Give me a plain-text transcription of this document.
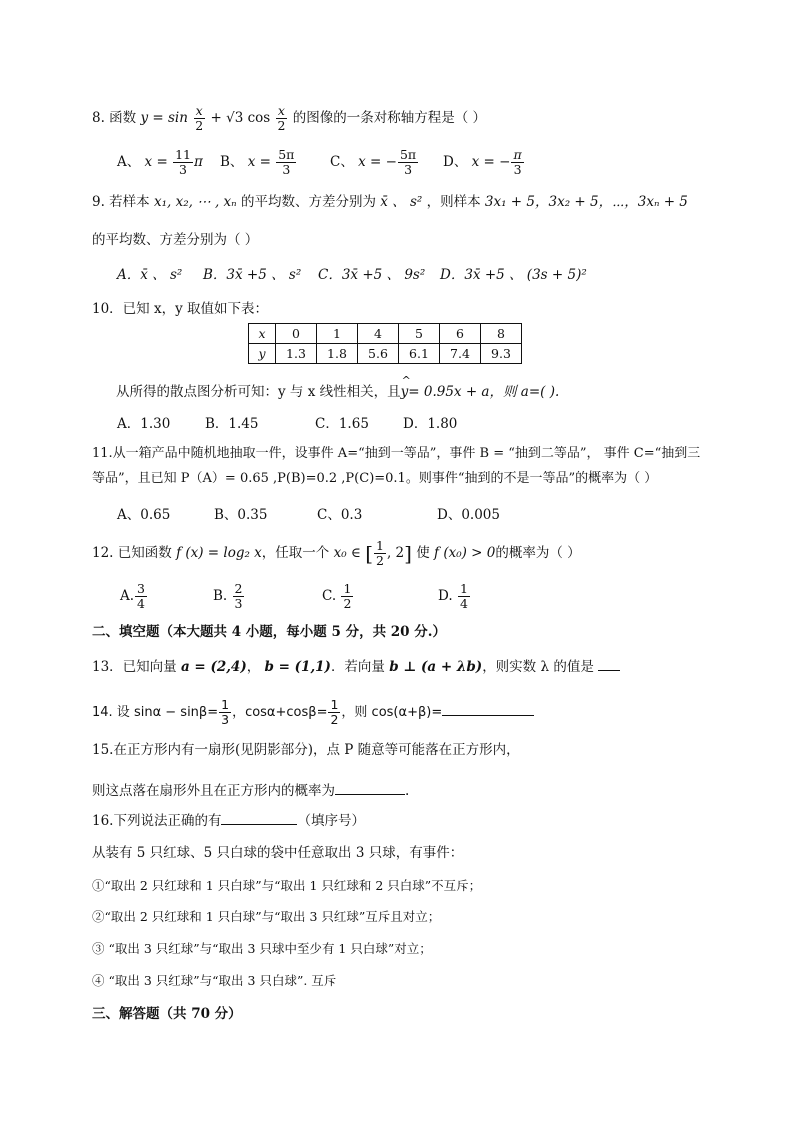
8. 函数 $y = \sin \frac{x}{2} + √3$ $\cos \frac{x}{2}$ 的图像的一条对称轴方程是（ ）
A、 $x = \frac{11}{3}$ π B、 $x = \frac{5\pi}{3}$ C、 x = − $\frac{5\pi}{3}$ D、 x = − $\frac{\pi}{3}$
9. 若样本 x₁, x₂, ⋯ , xₙ 的平均数、方差分别为 x̄ 、 s² ，则样本 3x₁ + 5，3x₂ + 5，⋯，3xₙ + 5
的平均数、方差分别为（ ）
A．x̄ 、 s² B．3x̄ +5 、 s² C．3x̄ +5 、 9s² D．3x̄ +5 、 (3s + 5)²
10．已知 x，y 取值如下表：
x	0	1	4	5	6	8
y	1.3	1.8	5.6	6.1	7.4	9.3
从所得的散点图分析可知：y 与 x 线性相关，且^ y= 0.95x + a，则 a=( ).
A．1.30	B．1.45	C．1.65	D．1.80
11.从一箱产品中随机地抽取一件，设事件 A=“抽到一等品”，事件 B = “抽到二等品”， 事件 C=“抽到三
等品”，且已知 P（A）= 0.65 ,P(B)=0.2 ,P(C)=0.1。则事件“抽到的不是一等品”的概率为（ ）
A、0.65	B、0.35	C、0.3	D、0.005
12. 已知函数 f (x) = log₂ x，任取一个 x₀ ∈ [ $\frac{1}{2}$ , 2] 使 f (x₀) > 0的概率为（ ）
A. $\frac{3}{4}$	B. $\frac{2}{3}$	C. $\frac{1}{2}$	D. $\frac{1}{4}$
二、填空题（本大题共 4 小题，每小题 5 分，共 20 分.）
13．已知向量 a = (2,4)， b = (1,1)．若向量 b ⊥ (a + λb)，则实数 λ 的值是
14. 设 $\sin\alpha - \sin\beta= \frac{1}{3}$ ，$\cos\alpha+\cos\beta= \frac{1}{2}$ ，则 cos(α+β)=
15.在正方形内有一扇形(见阴影部分)，点 P 随意等可能落在正方形内，
则这点落在扇形外且在正方形内的概率为	.
16.下列说法正确的有	（填序号）
从装有 5 只红球、5 只白球的袋中任意取出 3 只球，有事件：
①“取出 2 只红球和 1 只白球”与“取出 1 只红球和 2 只白球”不互斥；
②“取出 2 只红球和 1 只白球”与“取出 3 只红球”互斥且对立；
③ “取出 3 只红球”与“取出 3 只球中至少有 1 只白球”对立；
④ “取出 3 只红球”与“取出 3 只白球”. 互斥
三、解答题（共 70 分）
